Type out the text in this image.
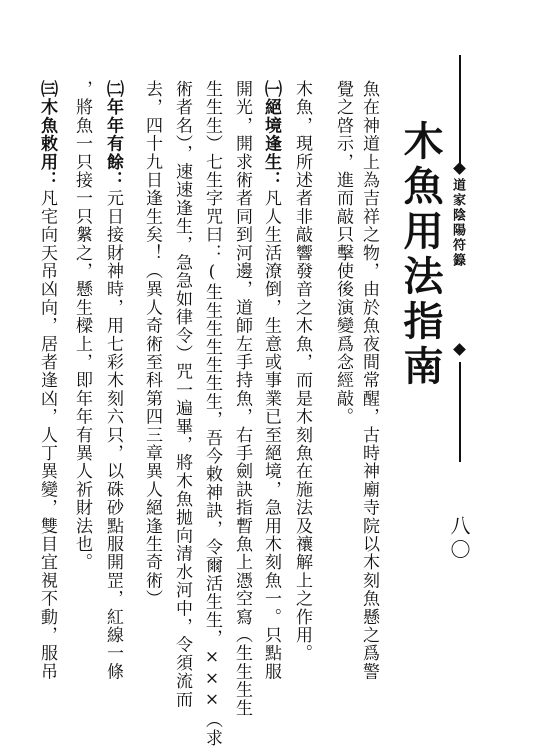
木魚用法指南 道家陰陽符籙
八〇
魚在神道上為吉祥之物，由於魚夜間常醒，古時神廟寺院以木刻魚懸之爲警
覺之啓示，進而敲只擊使後演變爲念經敲。
木魚，現所述者非敲響發音之木魚，而是木刻魚在施法及禳解上之作用。
㈠絕境逢生：凡人生活潦倒，生意或事業已至絕境，急用木刻魚一。只點服
開光，開求術者同到河邊，道師左手持魚，右手劍訣指暫魚上憑空寫（生生生生
生生生）七生字咒曰：(生生生生生生生，吾今敕神訣，令爾活生生，×××（求
術者名），速速逢生，急急如律令）咒一遍畢，將木魚拋向清水河中，令須流而
去，四十九日逢生矣！（異人奇術至科第四三章異人絕逢生奇術）
㈡年年有餘：元日接財神時，用七彩木刻六只，以硃砂點服開罡，紅線一條
，將魚一只接一只縏之，懸生樑上，即年年有異人祈財法也。
㈢木魚敕用：凡宅向天吊凶向，居者逢凶，人丁異變，雙目宜視不動，服吊
